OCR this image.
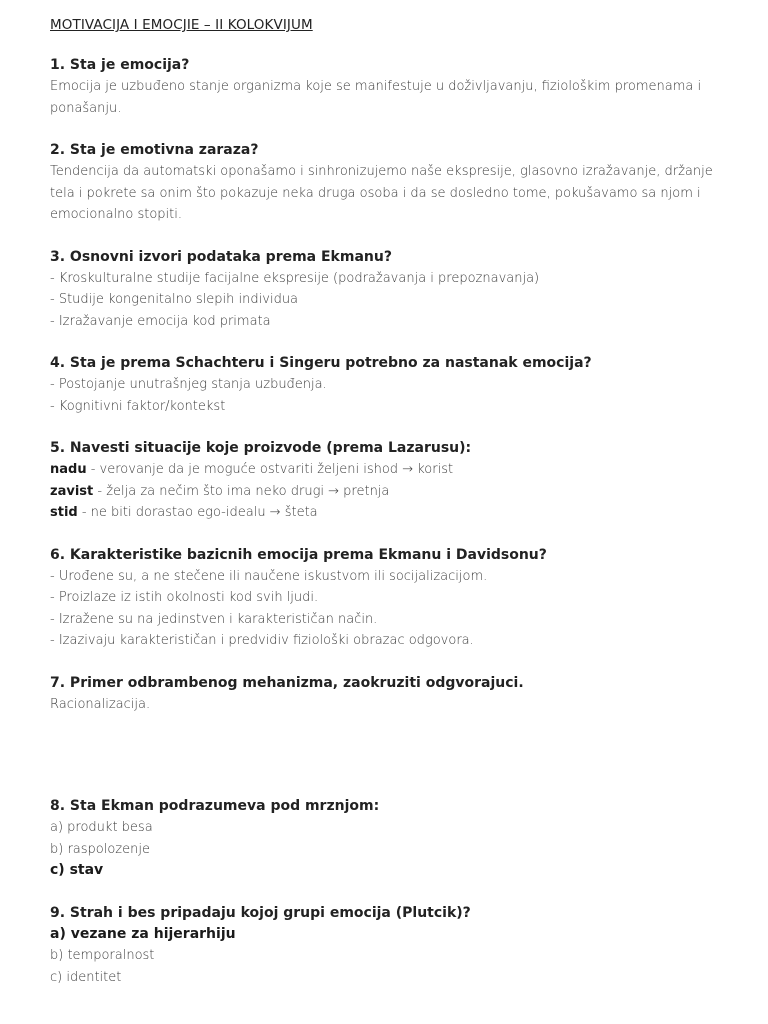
MOTIVACIJA I EMOCJIE – II KOLOKVIJUM

1. Sta je emocija?

Emocija je uzbuđeno stanje organizma koje se manifestuje u doživljavanju, fiziološkim promenama i ponašanju.

2. Sta je emotivna zaraza?

Tendencija da automatski oponašamo i sinhronizujemo naše ekspresije, glasovno izražavanje, držanje tela i pokrete sa onim što pokazuje neka druga osoba i da se dosledno tome, pokušavamo sa njom i emocionalno stopiti.

3. Osnovni izvori podataka prema Ekmanu?

- Kroskulturalne studije facijalne ekspresije (podražavanja i prepoznavanja)

- Studije kongenitalno slepih individua

- Izražavanje emocija kod primata

4. Sta je prema Schachteru i Singeru potrebno za nastanak emocija?

- Postojanje unutrašnjeg stanja uzbuđenja.

- Kognitivni faktor/kontekst

5. Navesti situacije koje proizvode (prema Lazarusu):

nadu - verovanje da je moguće ostvariti željeni ishod → korist

zavist - želja za nečim što ima neko drugi → pretnja

stid - ne biti dorastao ego-idealu → šteta

6. Karakteristike bazicnih emocija prema Ekmanu i Davidsonu?

- Urođene su, a ne stečene ili naučene iskustvom ili socijalizacijom.

- Proizlaze iz istih okolnosti kod svih ljudi.

- Izražene su na jedinstven i karakterističan način.

- Izazivaju karakterističan i predvidiv fiziološki obrazac odgovora.

7. Primer odbrambenog mehanizma, zaokruziti odgvorajuci.

Racionalizacija.

8. Sta Ekman podrazumeva pod mrznjom:

a) produkt besa

b) raspolozenje

c) stav

9. Strah i bes pripadaju kojoj grupi emocija (Plutcik)?

a) vezane za hijerarhiju

b) temporalnost

c) identitet
